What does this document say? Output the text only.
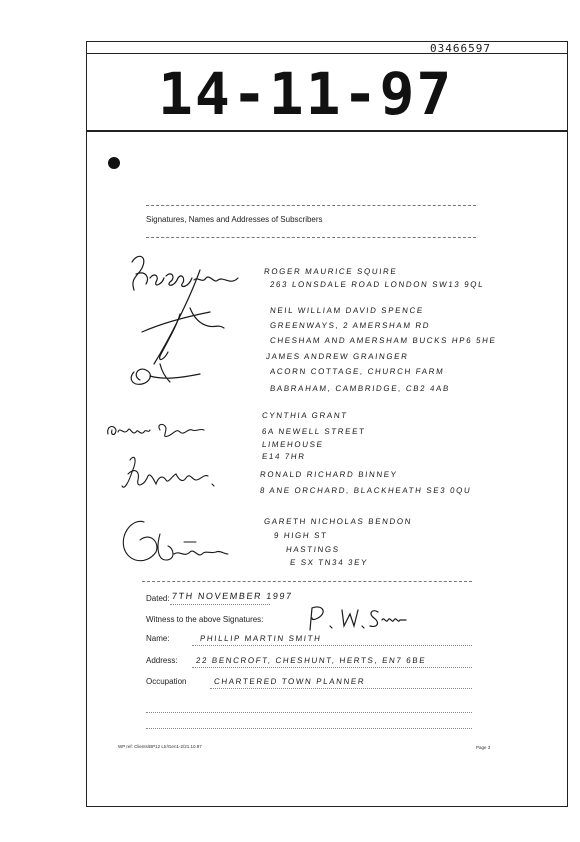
03466597
14-11-97
Signatures, Names and Addresses of Subscribers
ROGER MAURICE SQUIRE
263 LONSDALE ROAD LONDON SW13 9QL
NEIL WILLIAM DAVID SPENCE
GREENWAYS, 2 AMERSHAM RD
CHESHAM AND AMERSHAM BUCKS HP6 5HE
JAMES ANDREW GRAINGER
ACORN COTTAGE, CHURCH FARM
BABRAHAM, CAMBRIDGE, CB2 4AB
CYNTHIA GRANT
6A NEWELL STREET
LIMEHOUSE
E14 7HR
RONALD RICHARD BINNEY
8 ANE ORCHARD, BLACKHEATH SE3 0QU
GARETH NICHOLAS BENDON
9 HIGH ST
HASTINGS
E SX TN34 3EY
Dated: 7TH NOVEMBER 1997
Witness to the above Signatures:
Name:	PHILLIP MARTIN SMITH
Address: 22 BENCROFT, CHESHUNT, HERTS, EN7 6BE
Occupation	CHARTERED TOWN PLANNER
WP ref: Clients\BP12 Ltr/Gen1-2/21.10.97	Page 3
